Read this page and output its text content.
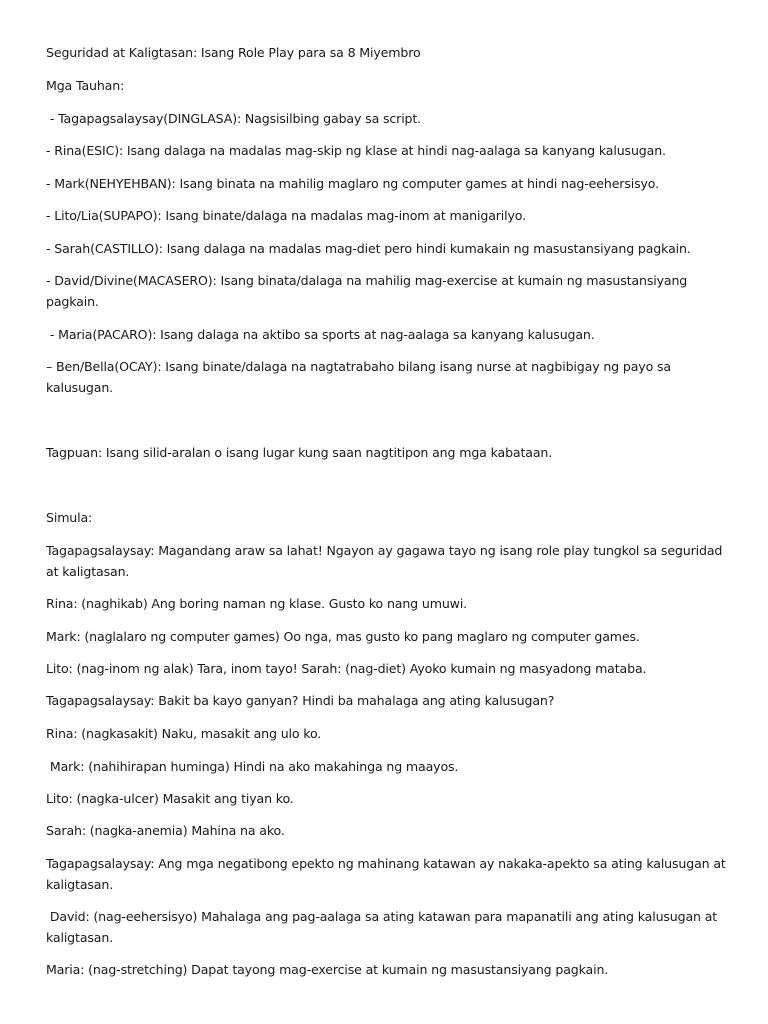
Seguridad at Kaligtasan: Isang Role Play para sa 8 Miyembro
Mga Tauhan:
- Tagapagsalaysay(DINGLASA): Nagsisilbing gabay sa script.
- Rina(ESIC): Isang dalaga na madalas mag-skip ng klase at hindi nag-aalaga sa kanyang kalusugan.
- Mark(NEHYEHBAN): Isang binata na mahilig maglaro ng computer games at hindi nag-eehersisyo.
- Lito/Lia(SUPAPO): Isang binate/dalaga na madalas mag-inom at manigarilyo.
- Sarah(CASTILLO): Isang dalaga na madalas mag-diet pero hindi kumakain ng masustansiyang pagkain.
- David/Divine(MACASERO): Isang binata/dalaga na mahilig mag-exercise at kumain ng masustansiyang pagkain.
- Maria(PACARO): Isang dalaga na aktibo sa sports at nag-aalaga sa kanyang kalusugan.
– Ben/Bella(OCAY): Isang binate/dalaga na nagtatrabaho bilang isang nurse at nagbibigay ng payo sa kalusugan.
Tagpuan: Isang silid-aralan o isang lugar kung saan nagtitipon ang mga kabataan.
Simula:
Tagapagsalaysay: Magandang araw sa lahat! Ngayon ay gagawa tayo ng isang role play tungkol sa seguridad at kaligtasan.
Rina: (naghikab) Ang boring naman ng klase. Gusto ko nang umuwi.
Mark: (naglalaro ng computer games) Oo nga, mas gusto ko pang maglaro ng computer games.
Lito: (nag-inom ng alak) Tara, inom tayo! Sarah: (nag-diet) Ayoko kumain ng masyadong mataba.
Tagapagsalaysay: Bakit ba kayo ganyan? Hindi ba mahalaga ang ating kalusugan?
Rina: (nagkasakit) Naku, masakit ang ulo ko.
Mark: (nahihirapan huminga) Hindi na ako makahinga ng maayos.
Lito: (nagka-ulcer) Masakit ang tiyan ko.
Sarah: (nagka-anemia) Mahina na ako.
Tagapagsalaysay: Ang mga negatibong epekto ng mahinang katawan ay nakaka-apekto sa ating kalusugan at kaligtasan.
David: (nag-eehersisyo) Mahalaga ang pag-aalaga sa ating katawan para mapanatili ang ating kalusugan at kaligtasan.
Maria: (nag-stretching) Dapat tayong mag-exercise at kumain ng masustansiyang pagkain.
